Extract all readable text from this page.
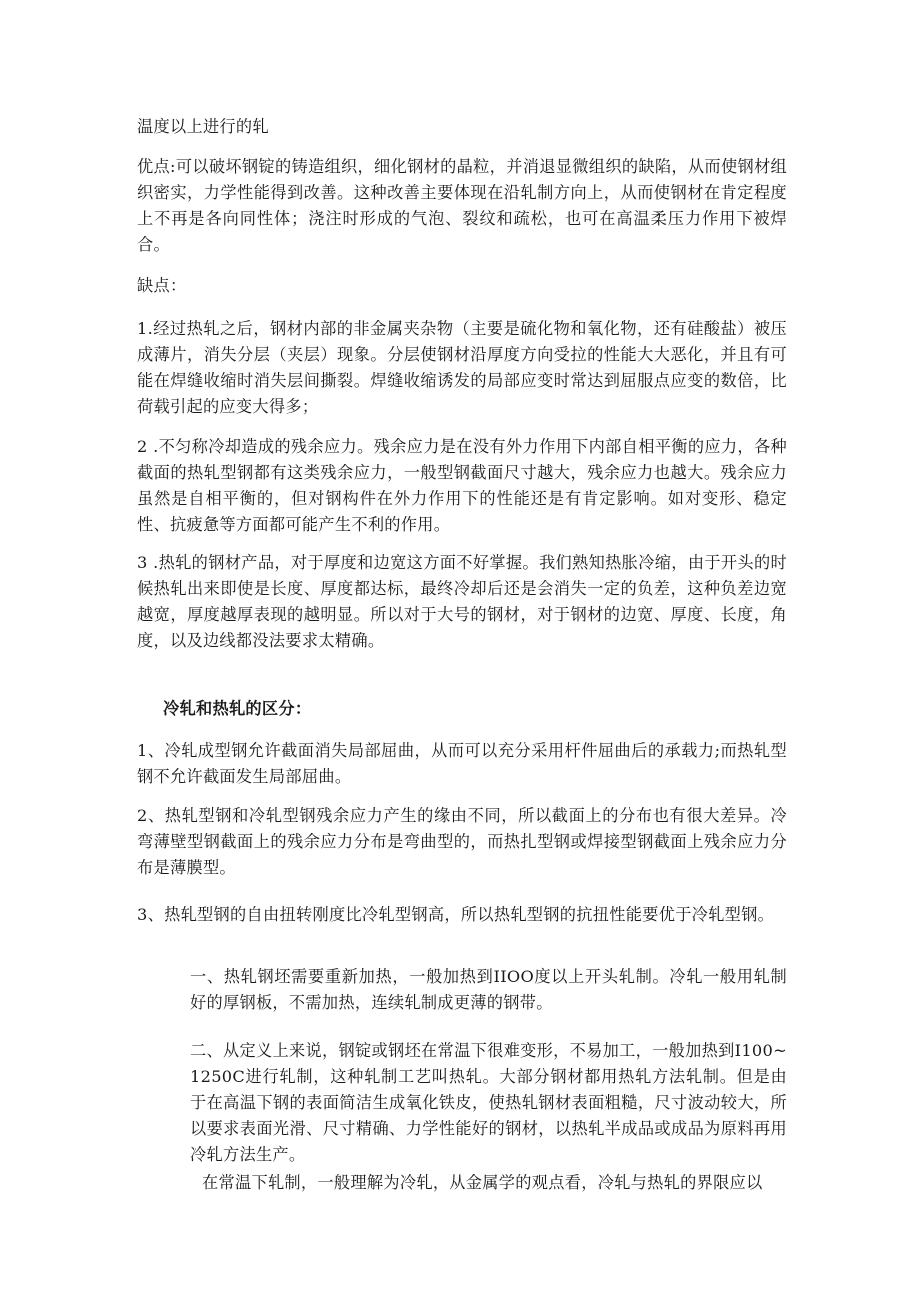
温度以上进行的轧

优点:可以破坏钢锭的铸造组织，细化钢材的晶粒，并消退显微组织的缺陷，从而使钢材组织密实，力学性能得到改善。这种改善主要体现在沿轧制方向上，从而使钢材在肯定程度上不再是各向同性体；浇注时形成的气泡、裂纹和疏松，也可在高温柔压力作用下被焊合。

缺点：

1.经过热轧之后，钢材内部的非金属夹杂物（主要是硫化物和氧化物，还有硅酸盐）被压成薄片，消失分层（夹层）现象。分层使钢材沿厚度方向受拉的性能大大恶化，并且有可能在焊缝收缩时消失层间撕裂。焊缝收缩诱发的局部应变时常达到屈服点应变的数倍，比荷载引起的应变大得多；

2 .不匀称冷却造成的残余应力。残余应力是在没有外力作用下内部自相平衡的应力，各种截面的热轧型钢都有这类残余应力，一般型钢截面尺寸越大，残余应力也越大。残余应力虽然是自相平衡的，但对钢构件在外力作用下的性能还是有肯定影响。如对变形、稳定性、抗疲惫等方面都可能产生不利的作用。

3 .热轧的钢材产品，对于厚度和边宽这方面不好掌握。我们熟知热胀冷缩，由于开头的时候热轧出来即使是长度、厚度都达标，最终冷却后还是会消失一定的负差，这种负差边宽越宽，厚度越厚表现的越明显。所以对于大号的钢材，对于钢材的边宽、厚度、长度，角度，以及边线都没法要求太精确。

冷轧和热轧的区分：

1、冷轧成型钢允许截面消失局部屈曲，从而可以充分采用杆件屈曲后的承载力;而热轧型钢不允许截面发生局部屈曲。

2、热轧型钢和冷轧型钢残余应力产生的缘由不同，所以截面上的分布也有很大差异。冷弯薄壁型钢截面上的残余应力分布是弯曲型的，而热扎型钢或焊接型钢截面上残余应力分布是薄膜型。

3、热轧型钢的自由扭转刚度比冷轧型钢高，所以热轧型钢的抗扭性能要优于冷轧型钢。

一、热轧钢坯需要重新加热，一般加热到IIOO度以上开头轧制。冷轧一般用轧制好的厚钢板，不需加热，连续轧制成更薄的钢带。

二、从定义上来说，钢锭或钢坯在常温下很难变形，不易加工，一般加热到I100~1250C进行轧制，这种轧制工艺叫热轧。大部分钢材都用热轧方法轧制。但是由于在高温下钢的表面简洁生成氧化铁皮，使热轧钢材表面粗糙，尺寸波动较大，所以要求表面光滑、尺寸精确、力学性能好的钢材，以热轧半成品或成品为原料再用冷轧方法生产。

在常温下轧制，一般理解为冷轧，从金属学的观点看，冷轧与热轧的界限应以
